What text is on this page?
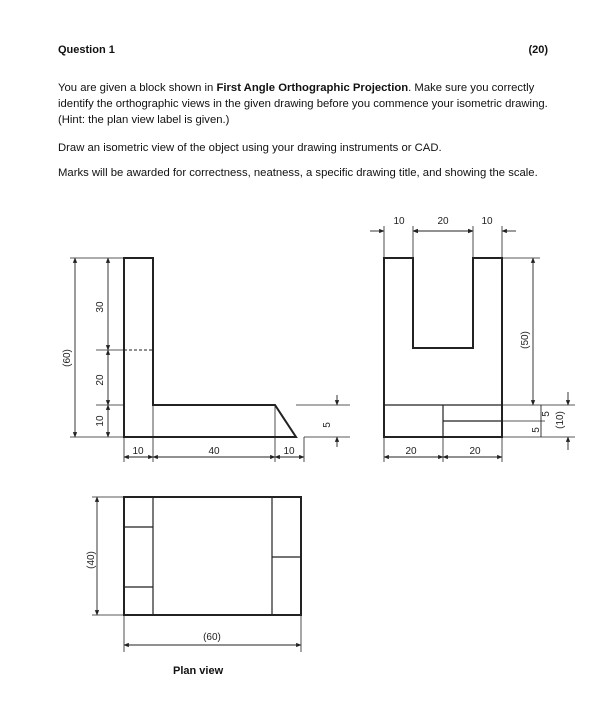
Question 1	(20)
You are given a block shown in First Angle Orthographic Projection. Make sure you correctly identify the orthographic views in the given drawing before you commence your isometric drawing. (Hint: the plan view label is given.)
Draw an isometric view of the object using your drawing instruments or CAD.
Marks will be awarded for correctness, neatness, a specific drawing title, and showing the scale.
(60)
30
20
10
10	40	10
5
10	20	10
(50)
5
5 (10)
20	20
(40)
(60)
Plan view
